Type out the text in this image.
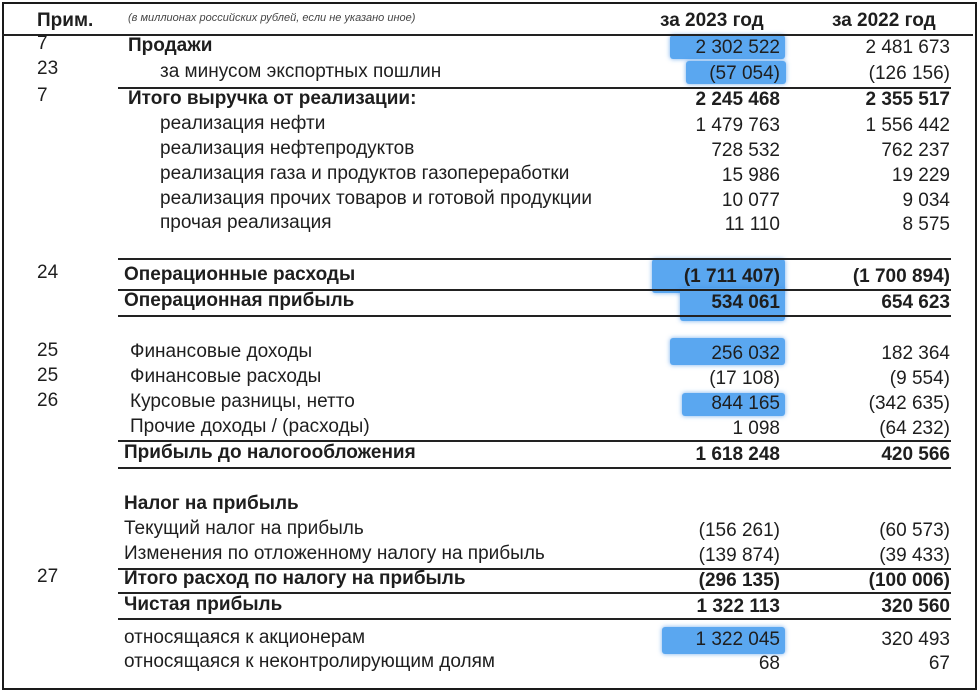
Прим.	(в миллионах российских рублей, если не указано иное)	за 2023 год	за 2022 год
7	Продажи	2 302 522	2 481 673
23	за минусом экспортных пошлин	(57 054)	(126 156)
7	Итого выручка от реализации:	2 245 468	2 355 517
реализация нефти	1 479 763	1 556 442
реализация нефтепродуктов	728 532	762 237
реализация газа и продуктов газопереработки	15 986	19 229
реализация прочих товаров и готовой продукции	10 077	9 034
прочая реализация	11 110	8 575
24	Операционные расходы	(1 711 407)	(1 700 894)
Операционная прибыль	534 061	654 623
25	Финансовые доходы	256 032	182 364
25	Финансовые расходы	(17 108)	(9 554)
26	Курсовые разницы, нетто	844 165	(342 635)
Прочие доходы / (расходы)	1 098	(64 232)
Прибыль до налогообложения	1 618 248	420 566
Налог на прибыль
Текущий налог на прибыль	(156 261)	(60 573)
Изменения по отложенному налогу на прибыль	(139 874)	(39 433)
27	Итого расход по налогу на прибыль	(296 135)	(100 006)
Чистая прибыль	1 322 113	320 560
относящаяся к акционерам	1 322 045	320 493
относящаяся к неконтролирующим долям	68	67
